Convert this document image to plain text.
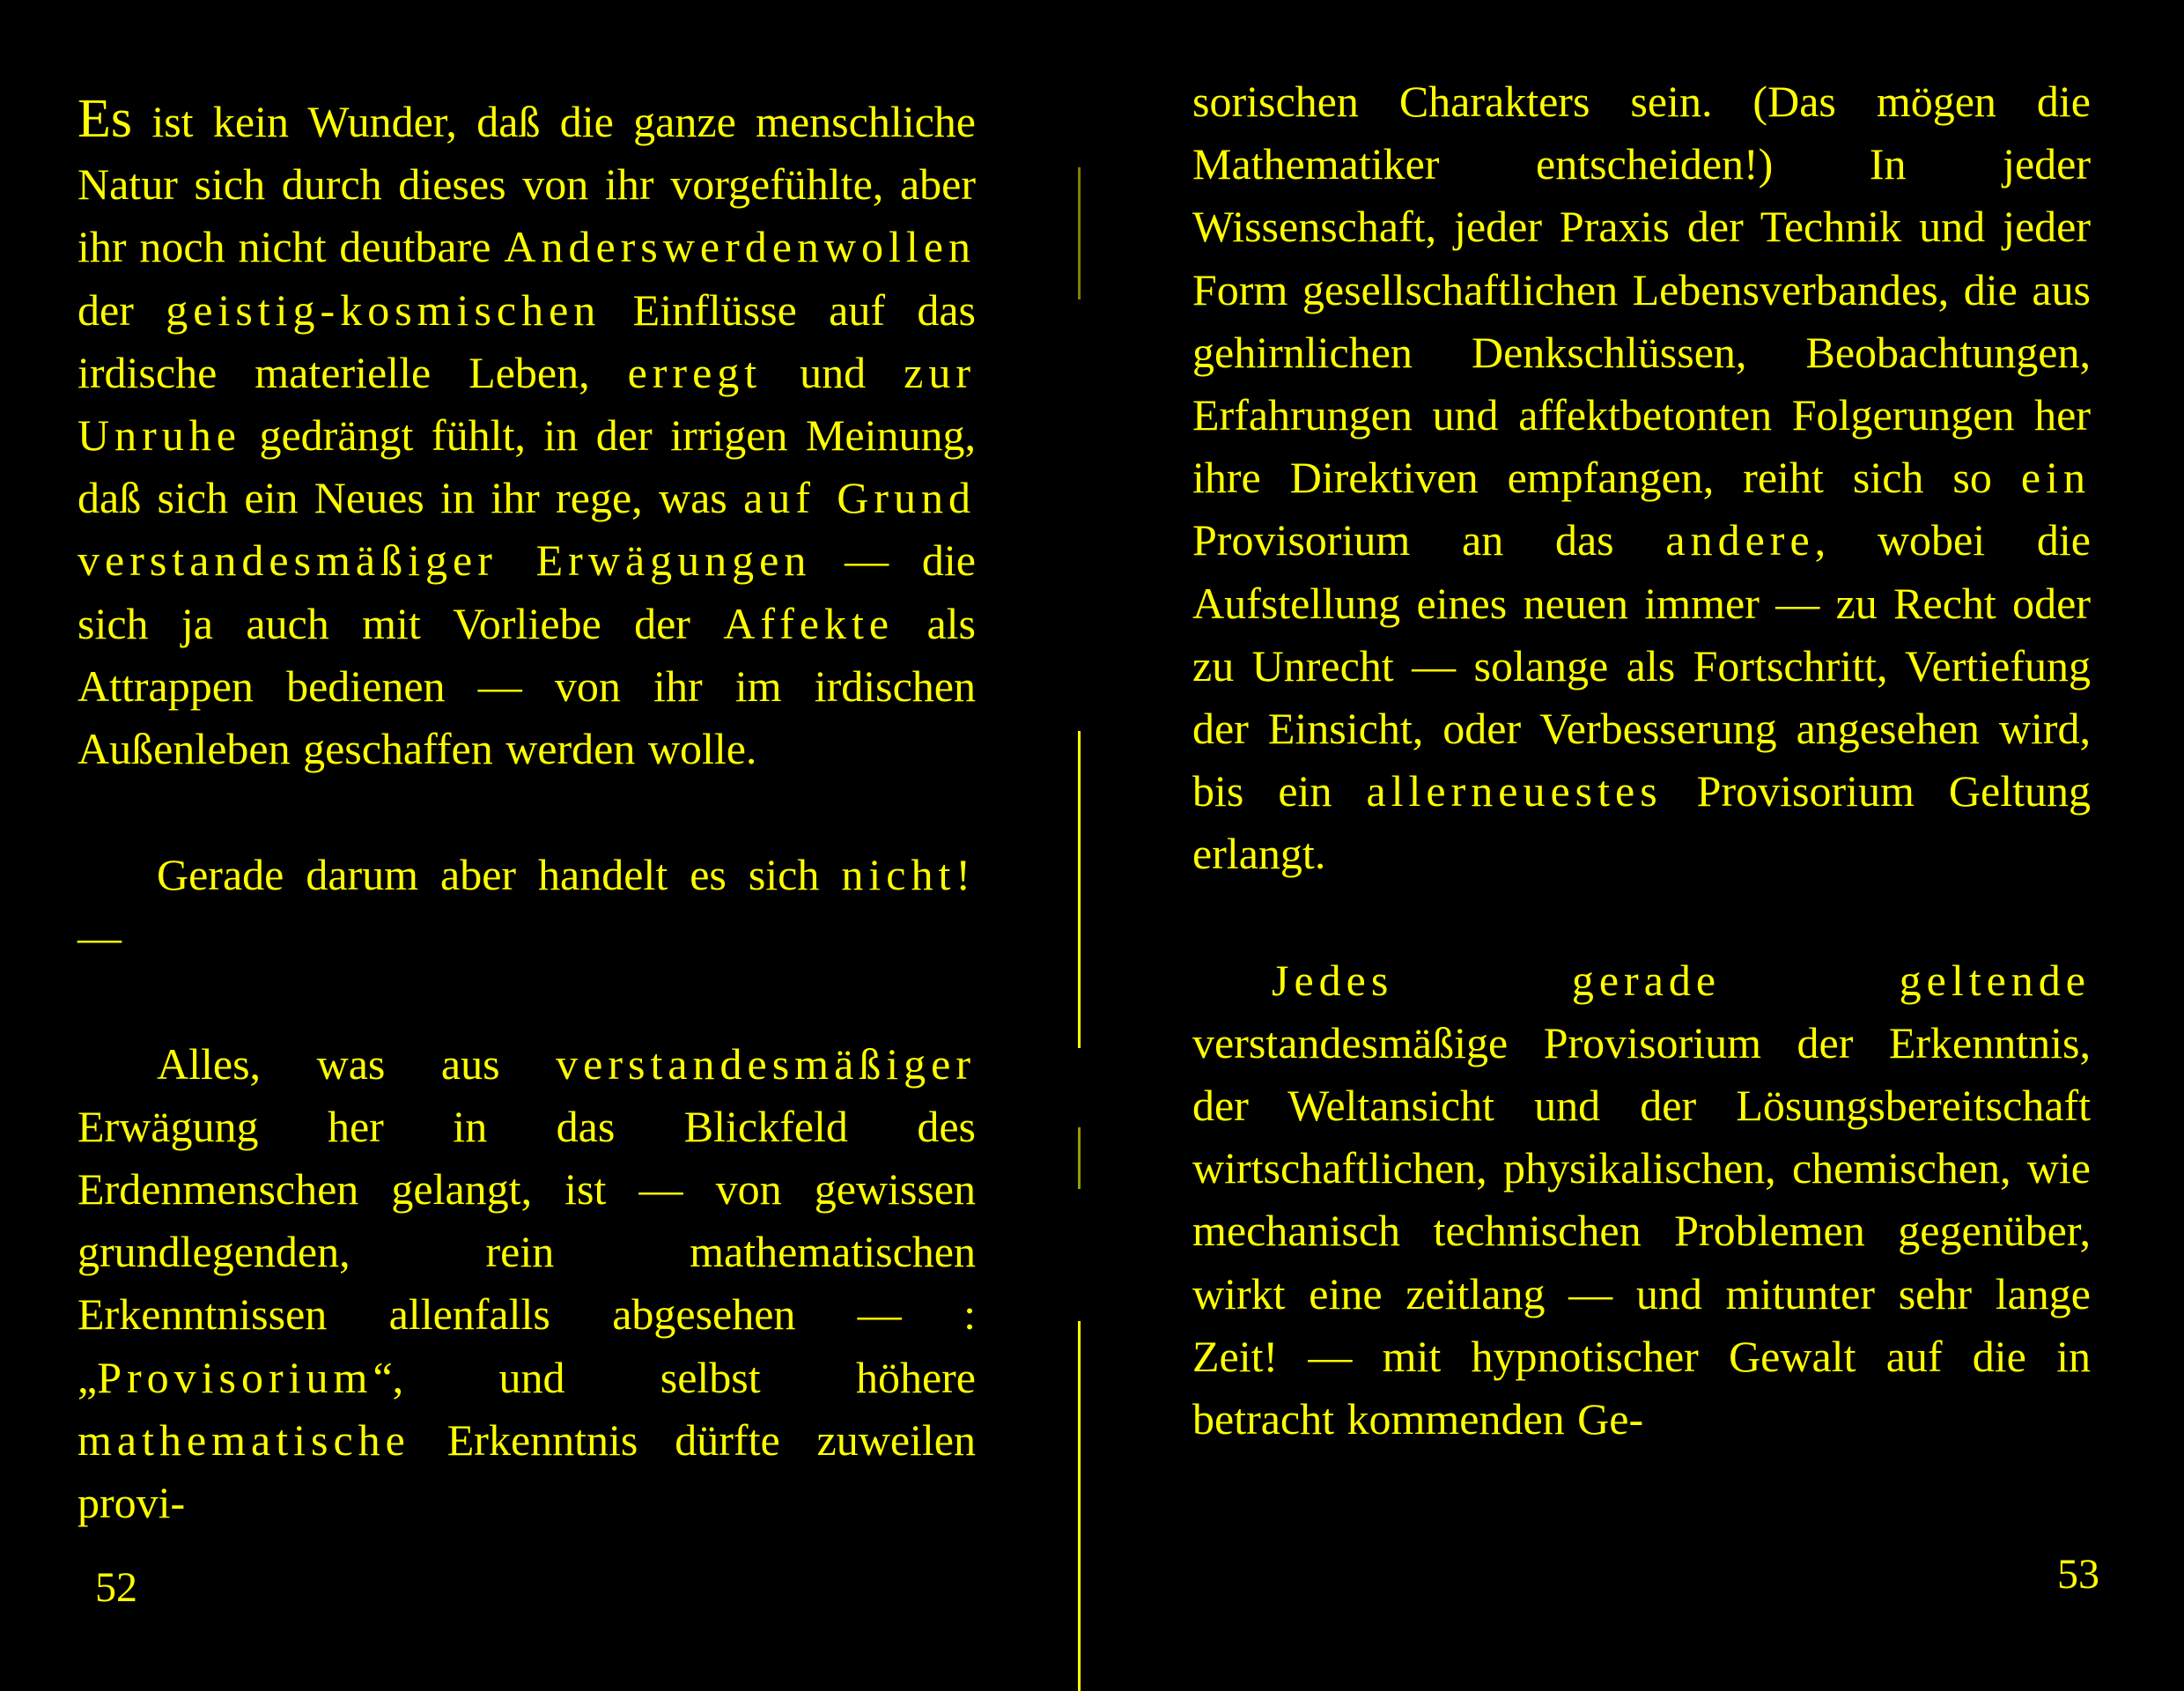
Es ist kein Wunder, daß die ganze menschliche Natur sich durch dieses von ihr vorgefühlte, aber ihr noch nicht deutbare Anderswerdenwollen der geistig-kosmischen Einflüsse auf das irdische materielle Leben, erregt und zur Unruhe gedrängt fühlt, in der irrigen Meinung, daß sich ein Neues in ihr rege, was auf Grund verstandesmäßiger Erwägungen — die sich ja auch mit Vorliebe der Affekte als Attrappen bedienen — von ihr im irdischen Außenleben geschaffen werden wolle.

Gerade darum aber handelt es sich nicht! —

Alles, was aus verstandesmäßiger Erwägung her in das Blickfeld des Erdenmenschen gelangt, ist — von gewissen grundlegenden, rein mathematischen Erkenntnissen allenfalls abgesehen — : „Provisorium“, und selbst höhere mathematische Erkenntnis dürfte zuweilen provi-

52

sorischen Charakters sein. (Das mögen die Mathematiker entscheiden!) In jeder Wissenschaft, jeder Praxis der Technik und jeder Form gesellschaftlichen Lebensverbandes, die aus gehirnlichen Denkschlüssen, Beobachtungen, Erfahrungen und affektbetonten Folgerungen her ihre Direktiven empfangen, reiht sich so ein Provisorium an das andere, wobei die Aufstellung eines neuen immer — zu Recht oder zu Unrecht — solange als Fortschritt, Vertiefung der Einsicht, oder Verbesserung angesehen wird, bis ein allerneuestes Provisorium Geltung erlangt.

Jedes gerade geltende verstandesmäßige Provisorium der Erkenntnis, der Weltansicht und der Lösungsbereitschaft wirtschaftlichen, physikalischen, chemischen, wie mechanisch technischen Problemen gegenüber, wirkt eine zeitlang — und mitunter sehr lange Zeit! — mit hypnotischer Gewalt auf die in betracht kommenden Ge-

53
